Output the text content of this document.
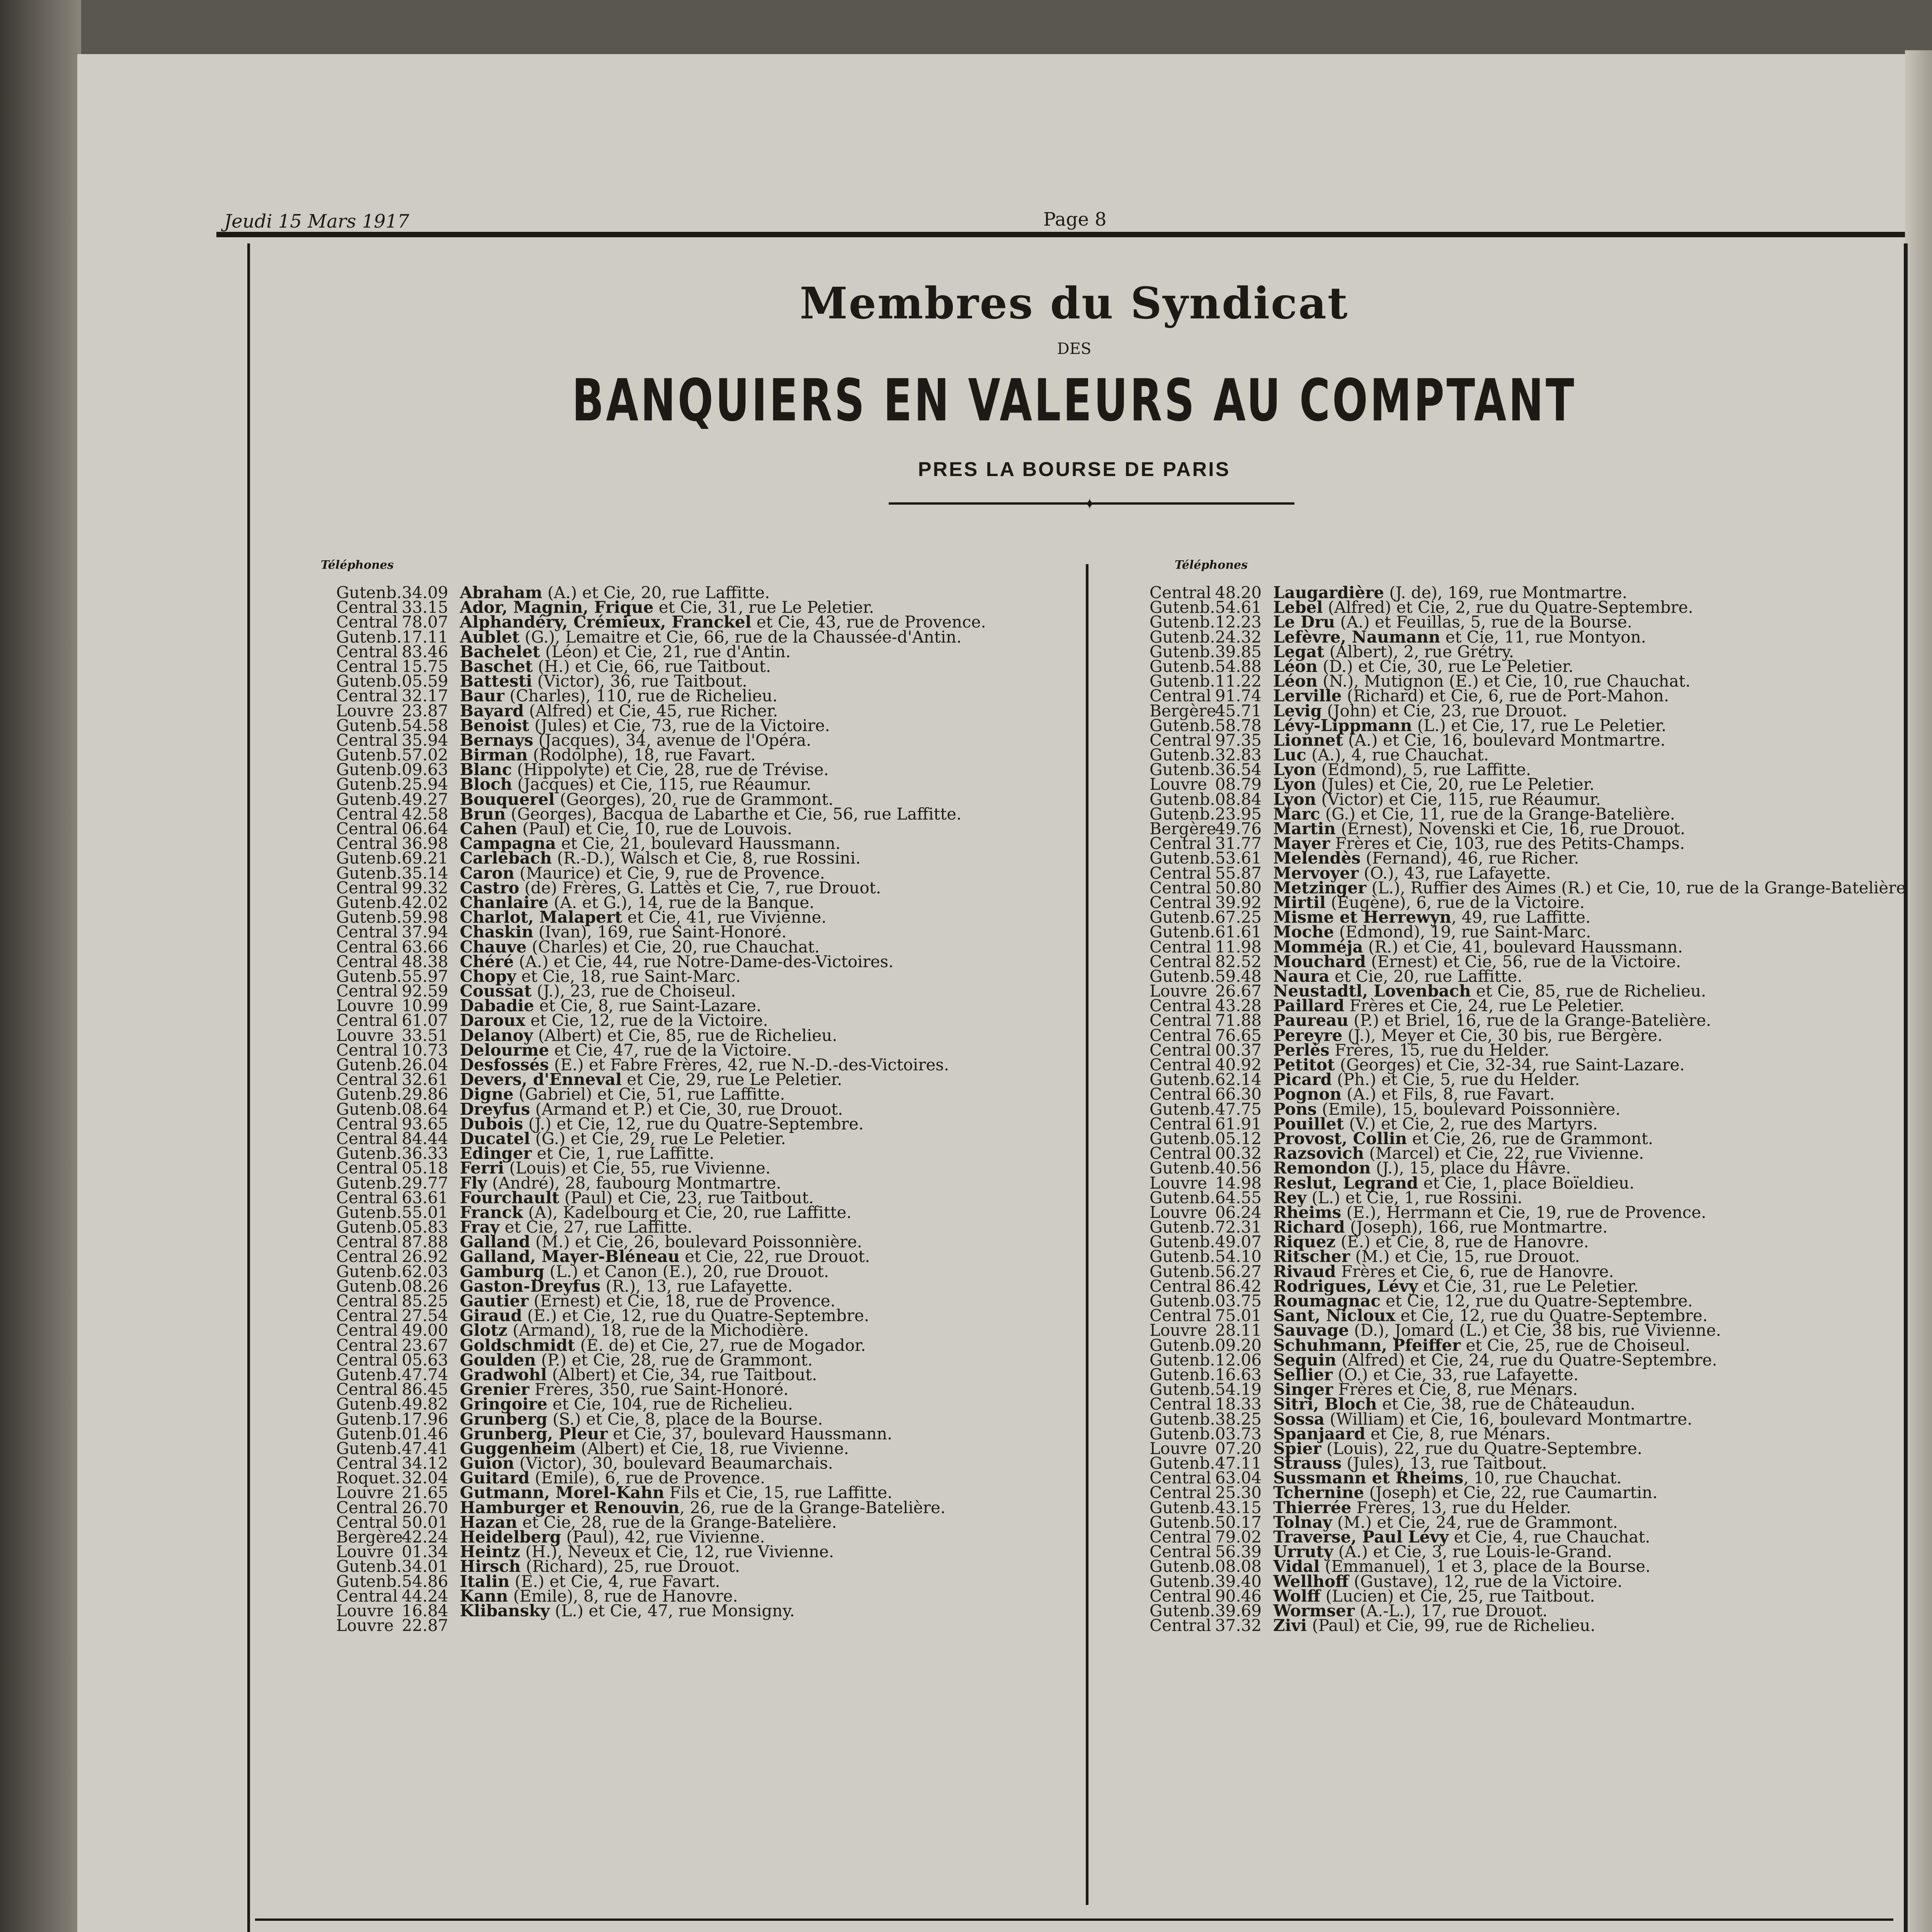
Jeudi 15 Mars 1917	Page 8
Membres du Syndicat
DES
BANQUIERS EN VALEURS AU COMPTANT
PRES LA BOURSE DE PARIS
✦
Téléphones	Téléphones
Gutenb.34.09 Abraham (A.) et Cie, 20, rue Laffitte.
Central 33.15 Ador, Magnin, Frique et Cie, 31, rue Le Peletier.
Central 78.07 Alphandéry, Crémieux, Franckel et Cie, 43, rue de Provence.
Gutenb.17.11 Aublet (G.), Lemaitre et Cie, 66, rue de la Chaussée-d'Antin.
Central 83.46 Bachelet (Léon) et Cie, 21, rue d'Antin.
Central 15.75 Baschet (H.) et Cie, 66, rue Taitbout.
Gutenb.05.59 Battesti (Victor), 36, rue Taitbout.
Central 32.17 Baur (Charles), 110, rue de Richelieu.
Louvre 23.87 Bayard (Alfred) et Cie, 45, rue Richer.
Gutenb.54.58 Benoist (Jules) et Cie, 73, rue de la Victoire.
Central 35.94 Bernays (Jacques), 34, avenue de l'Opéra.
Gutenb.57.02 Birman (Rodolphe), 18, rue Favart.
Gutenb.09.63 Blanc (Hippolyte) et Cie, 28, rue de Trévise.
Gutenb.25.94 Bloch (Jacques) et Cie, 115, rue Réaumur.
Gutenb.49.27 Bouquerel (Georges), 20, rue de Grammont.
Central 42.58 Brun (Georges), Bacqua de Labarthe et Cie, 56, rue Laffitte.
Central 06.64 Cahen (Paul) et Cie, 10, rue de Louvois.
Central 36.98 Campagna et Cie, 21, boulevard Haussmann.
Gutenb.69.21 Carlebach (R.-D.), Walsch et Cie, 8, rue Rossini.
Gutenb.35.14 Caron (Maurice) et Cie, 9, rue de Provence.
Central 99.32 Castro (de) Frères, G. Lattès et Cie, 7, rue Drouot.
Gutenb.42.02 Chanlaire (A. et G.), 14, rue de la Banque.
Gutenb.59.98 Charlot, Malapert et Cie, 41, rue Vivienne.
Central 37.94 Chaskin (Ivan), 169, rue Saint-Honoré.
Central 63.66 Chauve (Charles) et Cie, 20, rue Chauchat.
Central 48.38 Chéré (A.) et Cie, 44, rue Notre-Dame-des-Victoires.
Gutenb.55.97 Chopy et Cie, 18, rue Saint-Marc.
Central 92.59 Coussat (J.), 23, rue de Choiseul.
Louvre 10.99 Dabadie et Cie, 8, rue Saint-Lazare.
Central 61.07 Daroux et Cie, 12, rue de la Victoire.
Louvre 33.51 Delanoy (Albert) et Cie, 85, rue de Richelieu.
Central 10.73 Delourme et Cie, 47, rue de la Victoire.
Gutenb.26.04 Desfossés (E.) et Fabre Frères, 42, rue N.-D.-des-Victoires.
Central 32.61 Devers, d'Enneval et Cie, 29, rue Le Peletier.
Gutenb.29.86 Digne (Gabriel) et Cie, 51, rue Laffitte.
Gutenb.08.64 Dreyfus (Armand et P.) et Cie, 30, rue Drouot.
Central 93.65 Dubois (J.) et Cie, 12, rue du Quatre-Septembre.
Central 84.44 Ducatel (G.) et Cie, 29, rue Le Peletier.
Gutenb.36.33 Edinger et Cie, 1, rue Laffitte.
Central 05.18 Ferri (Louis) et Cie, 55, rue Vivienne.
Gutenb.29.77 Fly (André), 28, faubourg Montmartre.
Central 63.61 Fourchault (Paul) et Cie, 23, rue Taitbout.
Gutenb.55.01 Franck (A), Kadelbourg et Cie, 20, rue Laffitte.
Gutenb.05.83 Fray et Cie, 27, rue Laffitte.
Central 87.88 Galland (M.) et Cie, 26, boulevard Poissonnière.
Central 26.92 Galland, Mayer-Bléneau et Cie, 22, rue Drouot.
Gutenb.62.03 Gamburg (L.) et Canon (E.), 20, rue Drouot.
Gutenb.08.26 Gaston-Dreyfus (R.), 13, rue Lafayette.
Central 85.25 Gautier (Ernest) et Cie, 18, rue de Provence.
Central 27.54 Giraud (E.) et Cie, 12, rue du Quatre-Septembre.
Central 49.00 Glotz (Armand), 18, rue de la Michodière.
Central 23.67 Goldschmidt (E. de) et Cie, 27, rue de Mogador.
Central 05.63 Goulden (P.) et Cie, 28, rue de Grammont.
Gutenb.47.74 Gradwohl (Albert) et Cie, 34, rue Taitbout.
Central 86.45 Grenier Frères, 350, rue Saint-Honoré.
Gutenb.49.82 Gringoire et Cie, 104, rue de Richelieu.
Gutenb.17.96 Grunberg (S.) et Cie, 8, place de la Bourse.
Gutenb.01.46 Grunberg, Pleur et Cie, 37, boulevard Haussmann.
Gutenb.47.41 Guggenheim (Albert) et Cie, 18, rue Vivienne.
Central 34.12 Guion (Victor), 30, boulevard Beaumarchais.
Roquet.32.04 Guitard (Emile), 6, rue de Provence.
Louvre 21.65 Gutmann, Morel-Kahn Fils et Cie, 15, rue Laffitte.
Central 26.70 Hamburger et Renouvin, 26, rue de la Grange-Batelière.
Central 50.01 Hazan et Cie, 28, rue de la Grange-Batelière.
Bergère42.24 Heidelberg (Paul), 42, rue Vivienne.
Louvre 01.34 Heintz (H.), Neveux et Cie, 12, rue Vivienne.
Gutenb.34.01 Hirsch (Richard), 25, rue Drouot.
Gutenb.54.86 Italin (E.) et Cie, 4, rue Favart.
Central 44.24 Kann (Emile), 8, rue de Hanovre.
Louvre 16.84 Klibansky (L.) et Cie, 47, rue Monsigny.
Louvre 22.87
Central 48.20 Laugardière (J. de), 169, rue Montmartre.
Gutenb.54.61 Lebel (Alfred) et Cie, 2, rue du Quatre-Septembre.
Gutenb.12.23 Le Dru (A.) et Feuillas, 5, rue de la Bourse.
Gutenb.24.32 Lefèvre, Naumann et Cie, 11, rue Montyon.
Gutenb.39.85 Legat (Albert), 2, rue Grétry.
Gutenb.54.88 Léon (D.) et Cie, 30, rue Le Peletier.
Gutenb.11.22 Léon (N.), Mutignon (E.) et Cie, 10, rue Chauchat.
Central 91.74 Lerville (Richard) et Cie, 6, rue de Port-Mahon.
Bergère45.71 Levig (John) et Cie, 23, rue Drouot.
Gutenb.58.78 Lévy-Lippmann (L.) et Cie, 17, rue Le Peletier.
Central 97.35 Lionnet (A.) et Cie, 16, boulevard Montmartre.
Gutenb.32.83 Luc (A.), 4, rue Chauchat.
Gutenb.36.54 Lyon (Edmond), 5, rue Laffitte.
Louvre 08.79 Lyon (Jules) et Cie, 20, rue Le Peletier.
Gutenb.08.84 Lyon (Victor) et Cie, 115, rue Réaumur.
Gutenb.23.95 Marc (G.) et Cie, 11, rue de la Grange-Batelière.
Bergère49.76 Martin (Ernest), Novenski et Cie, 16, rue Drouot.
Central 31.77 Mayer Frères et Cie, 103, rue des Petits-Champs.
Gutenb.53.61 Melendès (Fernand), 46, rue Richer.
Central 55.87 Mervoyer (O.), 43, rue Lafayette.
Central 50.80 Metzinger (L.), Ruffier des Aimes (R.) et Cie, 10, rue de la Grange-Batelière
Central 39.92 Mirtil (Eugène), 6, rue de la Victoire.
Gutenb.67.25 Misme et Herrewyn, 49, rue Laffitte.
Gutenb.61.61 Moche (Edmond), 19, rue Saint-Marc.
Central 11.98 Momméja (R.) et Cie, 41, boulevard Haussmann.
Central 82.52 Mouchard (Ernest) et Cie, 56, rue de la Victoire.
Gutenb.59.48 Naura et Cie, 20, rue Laffitte.
Louvre 26.67 Neustadtl, Lovenbach et Cie, 85, rue de Richelieu.
Central 43.28 Paillard Frères et Cie, 24, rue Le Peletier.
Central 71.88 Paureau (P.) et Briel, 16, rue de la Grange-Batelière.
Central 76.65 Pereyre (J.), Meyer et Cie, 30 bis, rue Bergère.
Central 00.37 Perlès Frères, 15, rue du Helder.
Central 40.92 Petitot (Georges) et Cie, 32-34, rue Saint-Lazare.
Gutenb.62.14 Picard (Ph.) et Cie, 5, rue du Helder.
Central 66.30 Pognon (A.) et Fils, 8, rue Favart.
Gutenb.47.75 Pons (Emile), 15, boulevard Poissonnière.
Central 61.91 Pouillet (V.) et Cie, 2, rue des Martyrs.
Gutenb.05.12 Provost, Collin et Cie, 26, rue de Grammont.
Central 00.32 Razsovich (Marcel) et Cie, 22, rue Vivienne.
Gutenb.40.56 Remondon (J.), 15, place du Hâvre.
Louvre 14.98 Reslut, Legrand et Cie, 1, place Boïeldieu.
Gutenb.64.55 Rey (L.) et Cie, 1, rue Rossini.
Louvre 06.24 Rheims (E.), Herrmann et Cie, 19, rue de Provence.
Gutenb.72.31 Richard (Joseph), 166, rue Montmartre.
Gutenb.49.07 Riquez (E.) et Cie, 8, rue de Hanovre.
Gutenb.54.10 Ritscher (M.) et Cie, 15, rue Drouot.
Gutenb.56.27 Rivaud Frères et Cie, 6, rue de Hanovre.
Central 86.42 Rodrigues, Lévy et Cie, 31, rue Le Peletier.
Gutenb.03.75 Roumagnac et Cie, 12, rue du Quatre-Septembre.
Central 75.01 Sant, Nicloux et Cie, 12, rue du Quatre-Septembre.
Louvre 28.11 Sauvage (D.), Jomard (L.) et Cie, 38 bis, rue Vivienne.
Gutenb.09.20 Schuhmann, Pfeiffer et Cie, 25, rue de Choiseul.
Gutenb.12.06 Seguin (Alfred) et Cie, 24, rue du Quatre-Septembre.
Gutenb.16.63 Sellier (O.) et Cie, 33, rue Lafayette.
Gutenb.54.19 Singer Frères et Cie, 8, rue Ménars.
Central 18.33 Sitri, Bloch et Cie, 38, rue de Châteaudun.
Gutenb.38.25 Sossa (William) et Cie, 16, boulevard Montmartre.
Gutenb.03.73 Spanjaard et Cie, 8, rue Ménars.
Louvre 07.20 Spier (Louis), 22, rue du Quatre-Septembre.
Gutenb.47.11 Strauss (Jules), 13, rue Taitbout.
Central 63.04 Sussmann et Rheims, 10, rue Chauchat.
Central 25.30 Tchernine (Joseph) et Cie, 22, rue Caumartin.
Gutenb.43.15 Thierrée Frères, 13, rue du Helder.
Gutenb.50.17 Tolnay (M.) et Cie, 24, rue de Grammont.
Central 79.02 Traverse, Paul Lévy et Cie, 4, rue Chauchat.
Central 56.39 Urruty (A.) et Cie, 3, rue Louis-le-Grand.
Gutenb.08.08 Vidal (Emmanuel), 1 et 3, place de la Bourse.
Gutenb.39.40 Wellhoff (Gustave), 12, rue de la Victoire.
Central 90.46 Wolff (Lucien) et Cie, 25, rue Taitbout.
Gutenb.39.69 Wormser (A.-L.), 17, rue Drouot.
Central 37.32 Zivi (Paul) et Cie, 99, rue de Richelieu.
